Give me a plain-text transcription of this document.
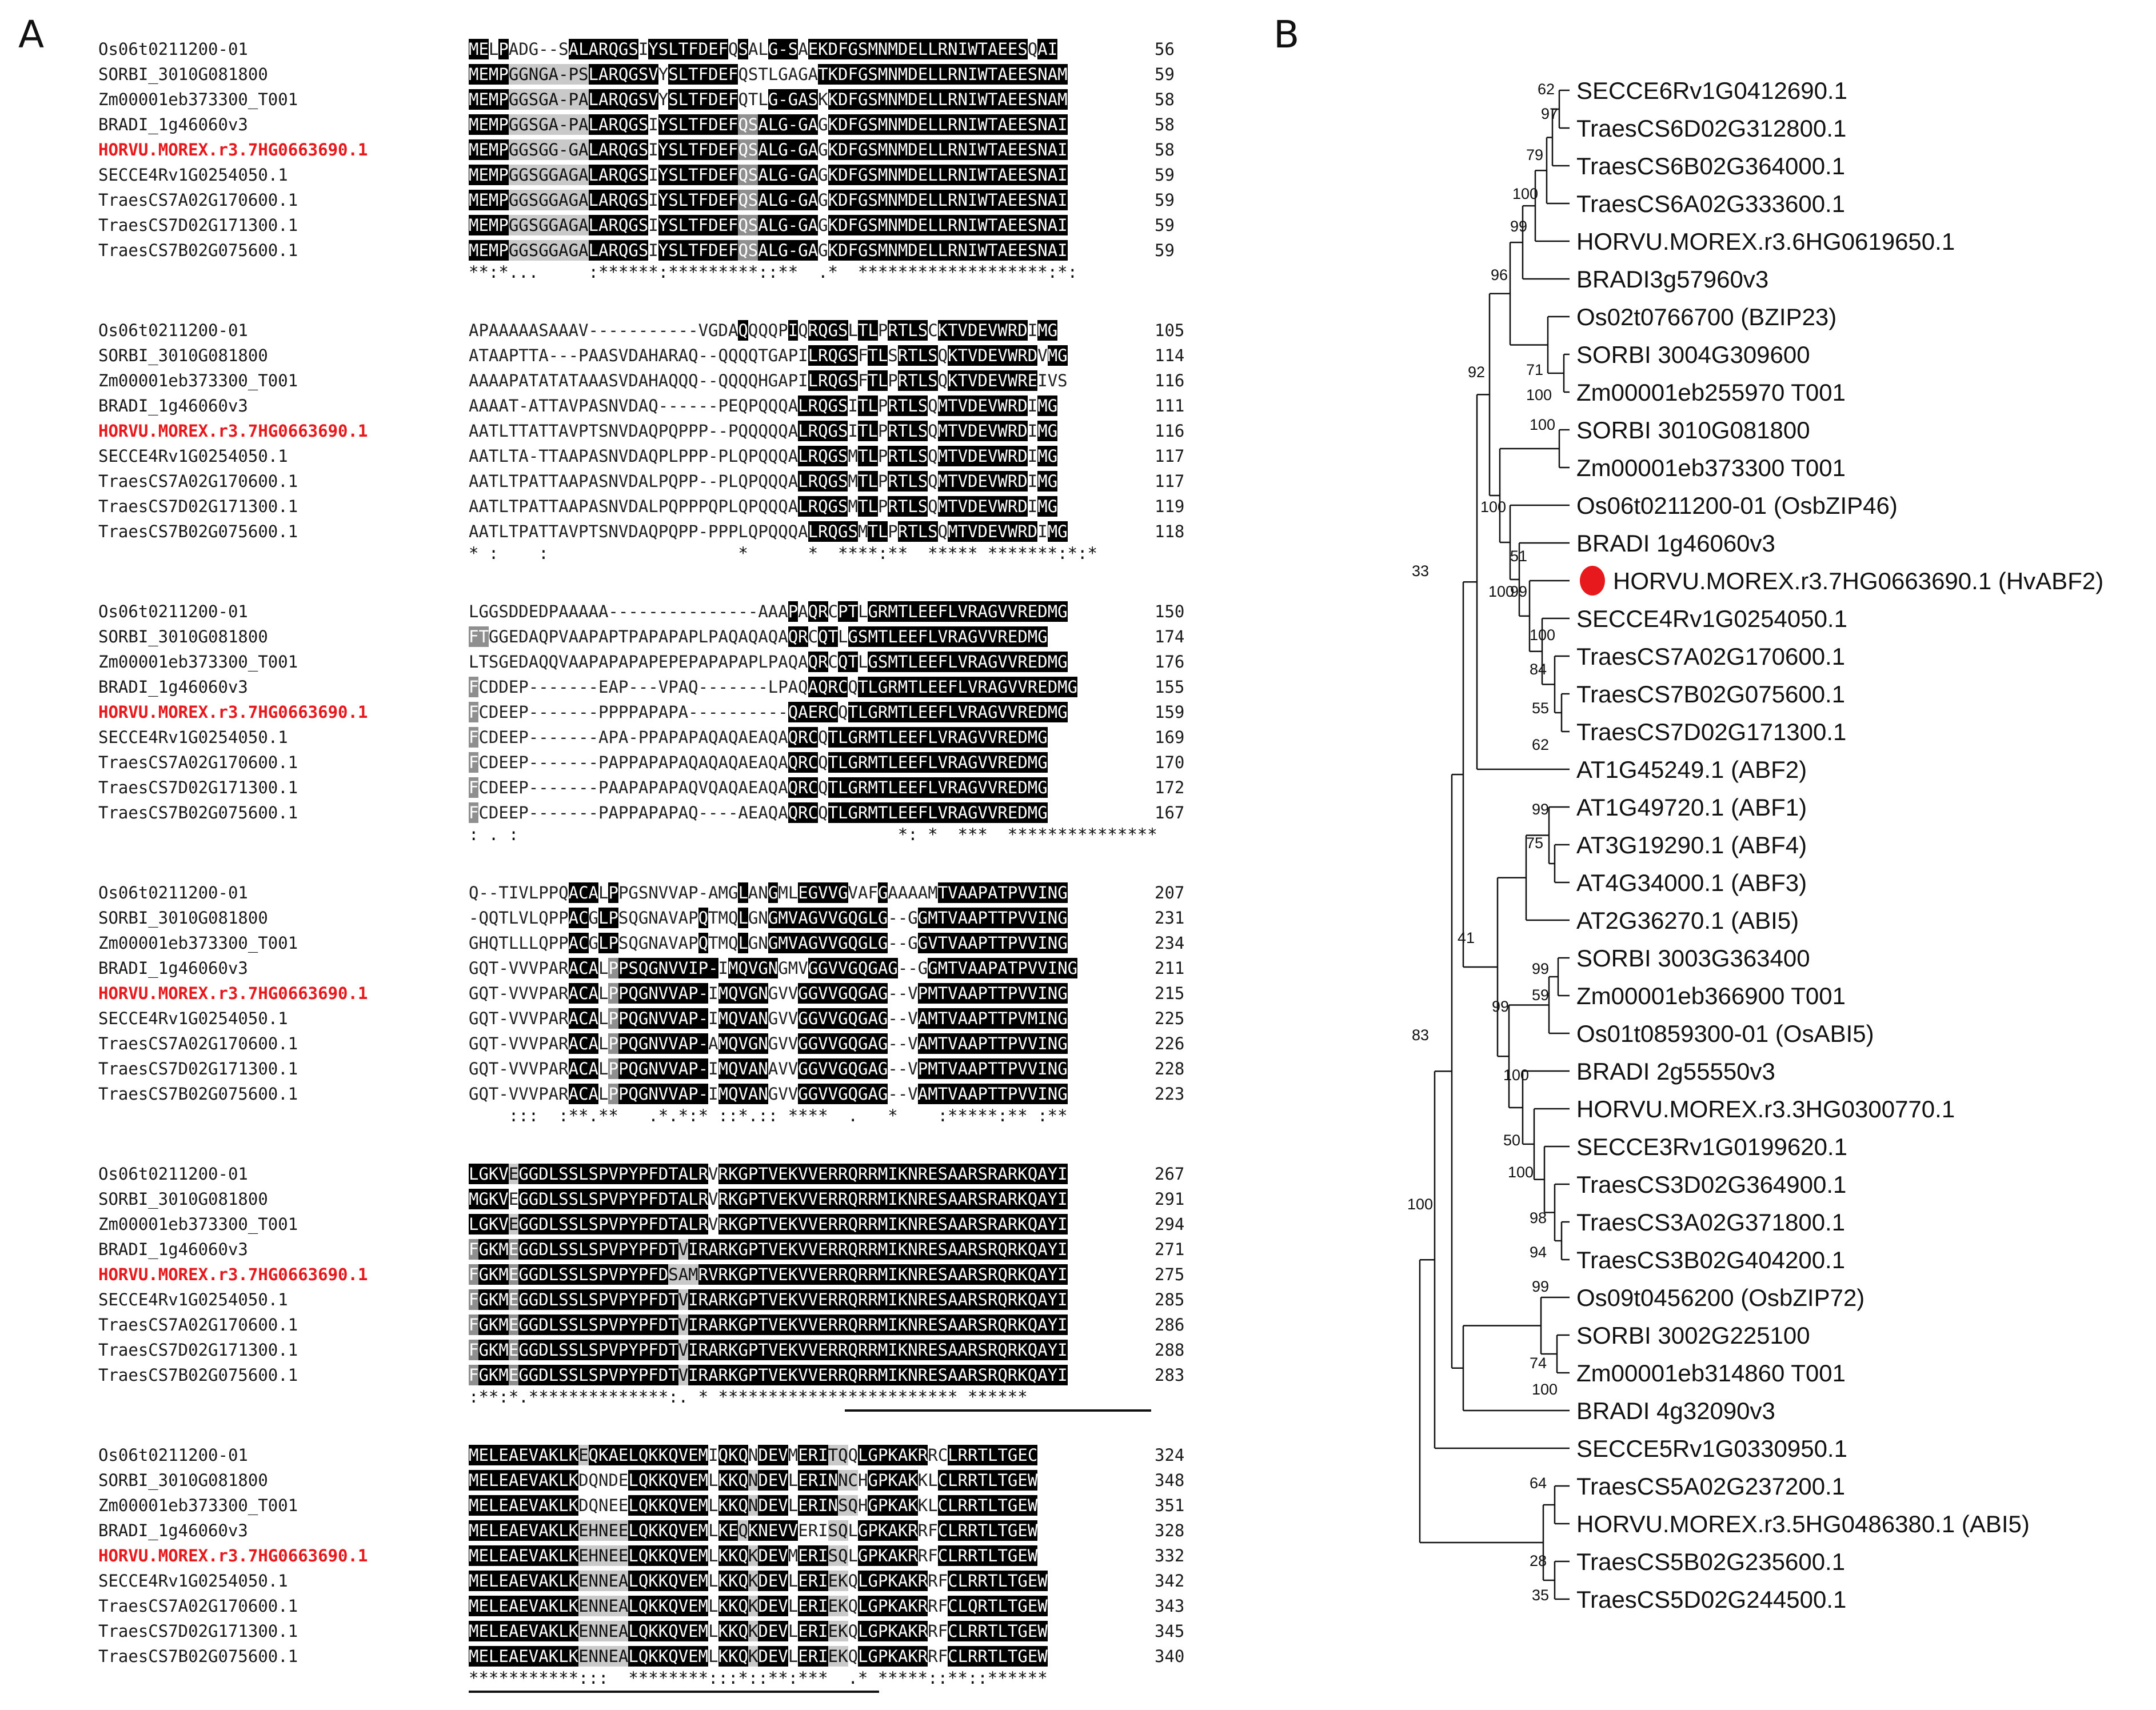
A	B
Os06t0211200-01	MELPADG--SALARQGSIYSLTFDEFQSALG-SAEKDFGSMNMDELLRNIWTAEESQAI	56
SORBI_3010G081800	MEMPGGNGA-PSLARQGSVYSLTFDEFQSTLGAGATKDFGSMNMDELLRNIWTAEESNAM	59
Zm00001eb373300_T001	MEMPGGSGA-PALARQGSVYSLTFDEFQTLG-GASKKDFGSMNMDELLRNIWTAEESNAM	58
BRADI_1g46060v3	MEMPGGSGA-PALARQGSIYSLTFDEFQSALG-GAGKDFGSMNMDELLRNIWTAEESNAI	58
HORVU.MOREX.r3.7HG0663690.1	MEMPGGSGG-GALARQGSIYSLTFDEFQSALG-GAGKDFGSMNMDELLRNIWTAEESNAI	58
SECCE4Rv1G0254050.1	MEMPGGSGGAGALARQGSIYSLTFDEFQSALG-GAGKDFGSMNMDELLRNIWTAEESNAI	59
TraesCS7A02G170600.1	MEMPGGSGGAGALARQGSIYSLTFDEFQSALG-GAGKDFGSMNMDELLRNIWTAEESNAI	59
TraesCS7D02G171300.1	MEMPGGSGGAGALARQGSIYSLTFDEFQSALG-GAGKDFGSMNMDELLRNIWTAEESNAI	59
TraesCS7B02G075600.1	MEMPGGSGGAGALARQGSIYSLTFDEFQSALG-GAGKDFGSMNMDELLRNIWTAEESNAI	59
**:*...     :******:*********::**  .*  *******************:*:
Os06t0211200-01	APAAAAASAAAV-----------VGDAQQQQPIQRQGSLTLPRTLSCKTVDEVWRDIMG	105
SORBI_3010G081800	ATAAPTTA---PAASVDAHARAQ--QQQQTGAPILRQGSFTLSRTLSQKTVDEVWRDVMG	114
Zm00001eb373300_T001	AAAAPATATATAAASVDAHAQQQ--QQQQHGAPILRQGSFTLPRTLSQKTVDEVWREIVS	116
BRADI_1g46060v3	AAAAT-ATTAVPASNVDAQ------PEQPQQQALRQGSITLPRTLSQMTVDEVWRDIMG	111
HORVU.MOREX.r3.7HG0663690.1	AATLTTATTAVPTSNVDAQPQPPP--PQQQQQALRQGSITLPRTLSQMTVDEVWRDIMG	116
SECCE4Rv1G0254050.1	AATLTA-TTAAPASNVDAQPLPPP-PLQPQQQALRQGSMTLPRTLSQMTVDEVWRDIMG	117
TraesCS7A02G170600.1	AATLTPATTAAPASNVDALPQPP--PLQPQQQALRQGSMTLPRTLSQMTVDEVWRDIMG	117
TraesCS7D02G171300.1	AATLTPATTAAPASNVDALPQPPPQPLQPQQQALRQGSMTLPRTLSQMTVDEVWRDIMG	119
TraesCS7B02G075600.1	AATLTPATTAVPTSNVDAQPQPP-PPPLQPQQQALRQGSMTLPRTLSQMTVDEVWRDIMG	118
* :    :                   *      *  ****:**  ***** *******:*:*
Os06t0211200-01	LGGSDDEDPAAAAA---------------AAAPAQRCPTLGRMTLEEFLVRAGVVREDMG	150
SORBI_3010G081800	FTGGEDAQPVAAPAPTPAPAPAPLPAQAQAQAQRCQTLGSMTLEEFLVRAGVVREDMG	174
Zm00001eb373300_T001	LTSGEDAQQVAAPAPAPAPEPEPAPAPAPLPAQAQRCQTLGSMTLEEFLVRAGVVREDMG	176
BRADI_1g46060v3	FCDDEP-------EAP---VPAQ-------LPAQAQRCQTLGRMTLEEFLVRAGVVREDMG	155
HORVU.MOREX.r3.7HG0663690.1	FCDEEP-------PPPPAPAPA----------QAERCQTLGRMTLEEFLVRAGVVREDMG	159
SECCE4Rv1G0254050.1	FCDEEP-------APA-PPAPAPAQAQAEAQAQRCQTLGRMTLEEFLVRAGVVREDMG	169
TraesCS7A02G170600.1	FCDEEP-------PAPPAPAPAQAQAQAEAQAQRCQTLGRMTLEEFLVRAGVVREDMG	170
TraesCS7D02G171300.1	FCDEEP-------PAAPAPAPAQVQAQAEAQAQRCQTLGRMTLEEFLVRAGVVREDMG	172
TraesCS7B02G075600.1	FCDEEP-------PAPPAPAPAQ----AEAQAQRCQTLGRMTLEEFLVRAGVVREDMG	167
: . :                                      *: *  ***  ***************
Os06t0211200-01	Q--TIVLPPQACALPPGSNVVAP-AMGLANGMLEGVVGVAFGAAAAMTVAAPATPVVING	207
SORBI_3010G081800	-QQTLVLQPPACGLPSQGNAVAPQTMQLGNGMVAGVVGQGLG--GGMTVAAPTTPVVING	231
Zm00001eb373300_T001	GHQTLLLQPPACGLPSQGNAVAPQTMQLGNGMVAGVVGQGLG--GGVTVAAPTTPVVING	234
BRADI_1g46060v3	GQT-VVVPARACALPPSQGNVVIP-IMQVGNGMVGGVVGQGAG--GGMTVAAPATPVVING	211
HORVU.MOREX.r3.7HG0663690.1	GQT-VVVPARACALPPQGNVVAP-IMQVGNGVVGGVVGQGAG--VPMTVAAPTTPVVING	215
SECCE4Rv1G0254050.1	GQT-VVVPARACALPPQGNVVAP-IMQVANGVVGGVVGQGAG--VAMTVAAPTTPVMING	225
TraesCS7A02G170600.1	GQT-VVVPARACALPPQGNVVAP-AMQVGNGVVGGVVGQGAG--VAMTVAAPTTPVVING	226
TraesCS7D02G171300.1	GQT-VVVPARACALPPQGNVVAP-IMQVANAVVGGVVGQGAG--VPMTVAAPTTPVVING	228
TraesCS7B02G075600.1	GQT-VVVPARACALPPQGNVVAP-IMQVANGVVGGVVGQGAG--VAMTVAAPTTPVVING	223
:::  :**.**   .*.*:* ::*.:: ****  .   *    :*****:** :**
Os06t0211200-01	LGKVEGGDLSSLSPVPYPFDTALRVRKGPTVEKVVERRQRRMIKNRESAARSRARKQAYI	267
SORBI_3010G081800	MGKVEGGDLSSLSPVPYPFDTALRVRKGPTVEKVVERRQRRMIKNRESAARSRARKQAYI	291
Zm00001eb373300_T001	LGKVEGGDLSSLSPVPYPFDTALRVRKGPTVEKVVERRQRRMIKNRESAARSRARKQAYI	294
BRADI_1g46060v3	FGKMEGGDLSSLSPVPYPFDTVIRARKGPTVEKVVERRQRRMIKNRESAARSRQRKQAYI	271
HORVU.MOREX.r3.7HG0663690.1	FGKMEGGDLSSLSPVPYPFDSAMRVRKGPTVEKVVERRQRRMIKNRESAARSRQRKQAYI	275
SECCE4Rv1G0254050.1	FGKMEGGDLSSLSPVPYPFDTVIRARKGPTVEKVVERRQRRMIKNRESAARSRQRKQAYI	285
TraesCS7A02G170600.1	FGKMEGGDLSSLSPVPYPFDTVIRARKGPTVEKVVERRQRRMIKNRESAARSRQRKQAYI	286
TraesCS7D02G171300.1	FGKMEGGDLSSLSPVPYPFDTVIRARKGPTVEKVVERRQRRMIKNRESAARSRQRKQAYI	288
TraesCS7B02G075600.1	FGKMEGGDLSSLSPVPYPFDTVIRARKGPTVEKVVERRQRRMIKNRESAARSRQRKQAYI	283
:**:*.**************:. * ************************ ******
Os06t0211200-01	MELEAEVAKLKEQKAELQKKQVEMIQKQNDEVMERITQQLGPKAKRRCLRRTLTGEC	324
SORBI_3010G081800	MELEAEVAKLKDQNDELQKKQVEMLKKQNDEVLERINNCHGPKAKKLCLRRTLTGEW	348
Zm00001eb373300_T001	MELEAEVAKLKDQNEELQKKQVEMLKKQNDEVLERINSQHGPKAKKLCLRRTLTGEW	351
BRADI_1g46060v3	MELEAEVAKLKEHNEELQKKQVEMLKEQKNEVVERISQLGPKAKRRFCLRRTLTGEW	328
HORVU.MOREX.r3.7HG0663690.1	MELEAEVAKLKEHNEELQKKQVEMLKKQKDEVMERISQLGPKAKRRFCLRRTLTGEW	332
SECCE4Rv1G0254050.1	MELEAEVAKLKENNEALQKKQVEMLKKQKDEVLERIEKQLGPKAKRRFCLRRTLTGEW	342
TraesCS7A02G170600.1	MELEAEVAKLKENNEALQKKQVEMLKKQKDEVLERIEKQLGPKAKRRFCLQRTLTGEW	343
TraesCS7D02G171300.1	MELEAEVAKLKENNEALQKKQVEMLKKQKDEVLERIEKQLGPKAKRRFCLRRTLTGEW	345
TraesCS7B02G075600.1	MELEAEVAKLKENNEALQKKQVEMLKKQKDEVLERIEKQLGPKAKRRFCLRRTLTGEW	340
***********:::  ********:::*::**:***  .* *****::**::******
SECCE6Rv1G0412690.1
TraesCS6D02G312800.1
TraesCS6B02G364000.1
TraesCS6A02G333600.1
HORVU.MOREX.r3.6HG0619650.1
BRADI3g57960v3
Os02t0766700 (BZIP23)
SORBI 3004G309600
Zm00001eb255970 T001
SORBI 3010G081800
Zm00001eb373300 T001
Os06t0211200-01 (OsbZIP46)
BRADI 1g46060v3
HORVU.MOREX.r3.7HG0663690.1 (HvABF2)
SECCE4Rv1G0254050.1
TraesCS7A02G170600.1
TraesCS7B02G075600.1
TraesCS7D02G171300.1
AT1G45249.1 (ABF2)
AT1G49720.1 (ABF1)
AT3G19290.1 (ABF4)
AT4G34000.1 (ABF3)
AT2G36270.1 (ABI5)
SORBI 3003G363400
Zm00001eb366900 T001
Os01t0859300-01 (OsABI5)
BRADI 2g55550v3
HORVU.MOREX.r3.3HG0300770.1
SECCE3Rv1G0199620.1
TraesCS3D02G364900.1
TraesCS3A02G371800.1
TraesCS3B02G404200.1
Os09t0456200 (OsbZIP72)
SORBI 3002G225100
Zm00001eb314860 T001
BRADI 4g32090v3
SECCE5Rv1G0330950.1
TraesCS5A02G237200.1
HORVU.MOREX.r3.5HG0486380.1 (ABI5)
TraesCS5B02G235600.1
TraesCS5D02G244500.1
62
97
79
100
99
96
71
100
92
100
100
51
99
100
84
55
62
33
100
99
75
41
99
59
99
100
50
100
98
94
99
83
100
74
100
64
28
35
